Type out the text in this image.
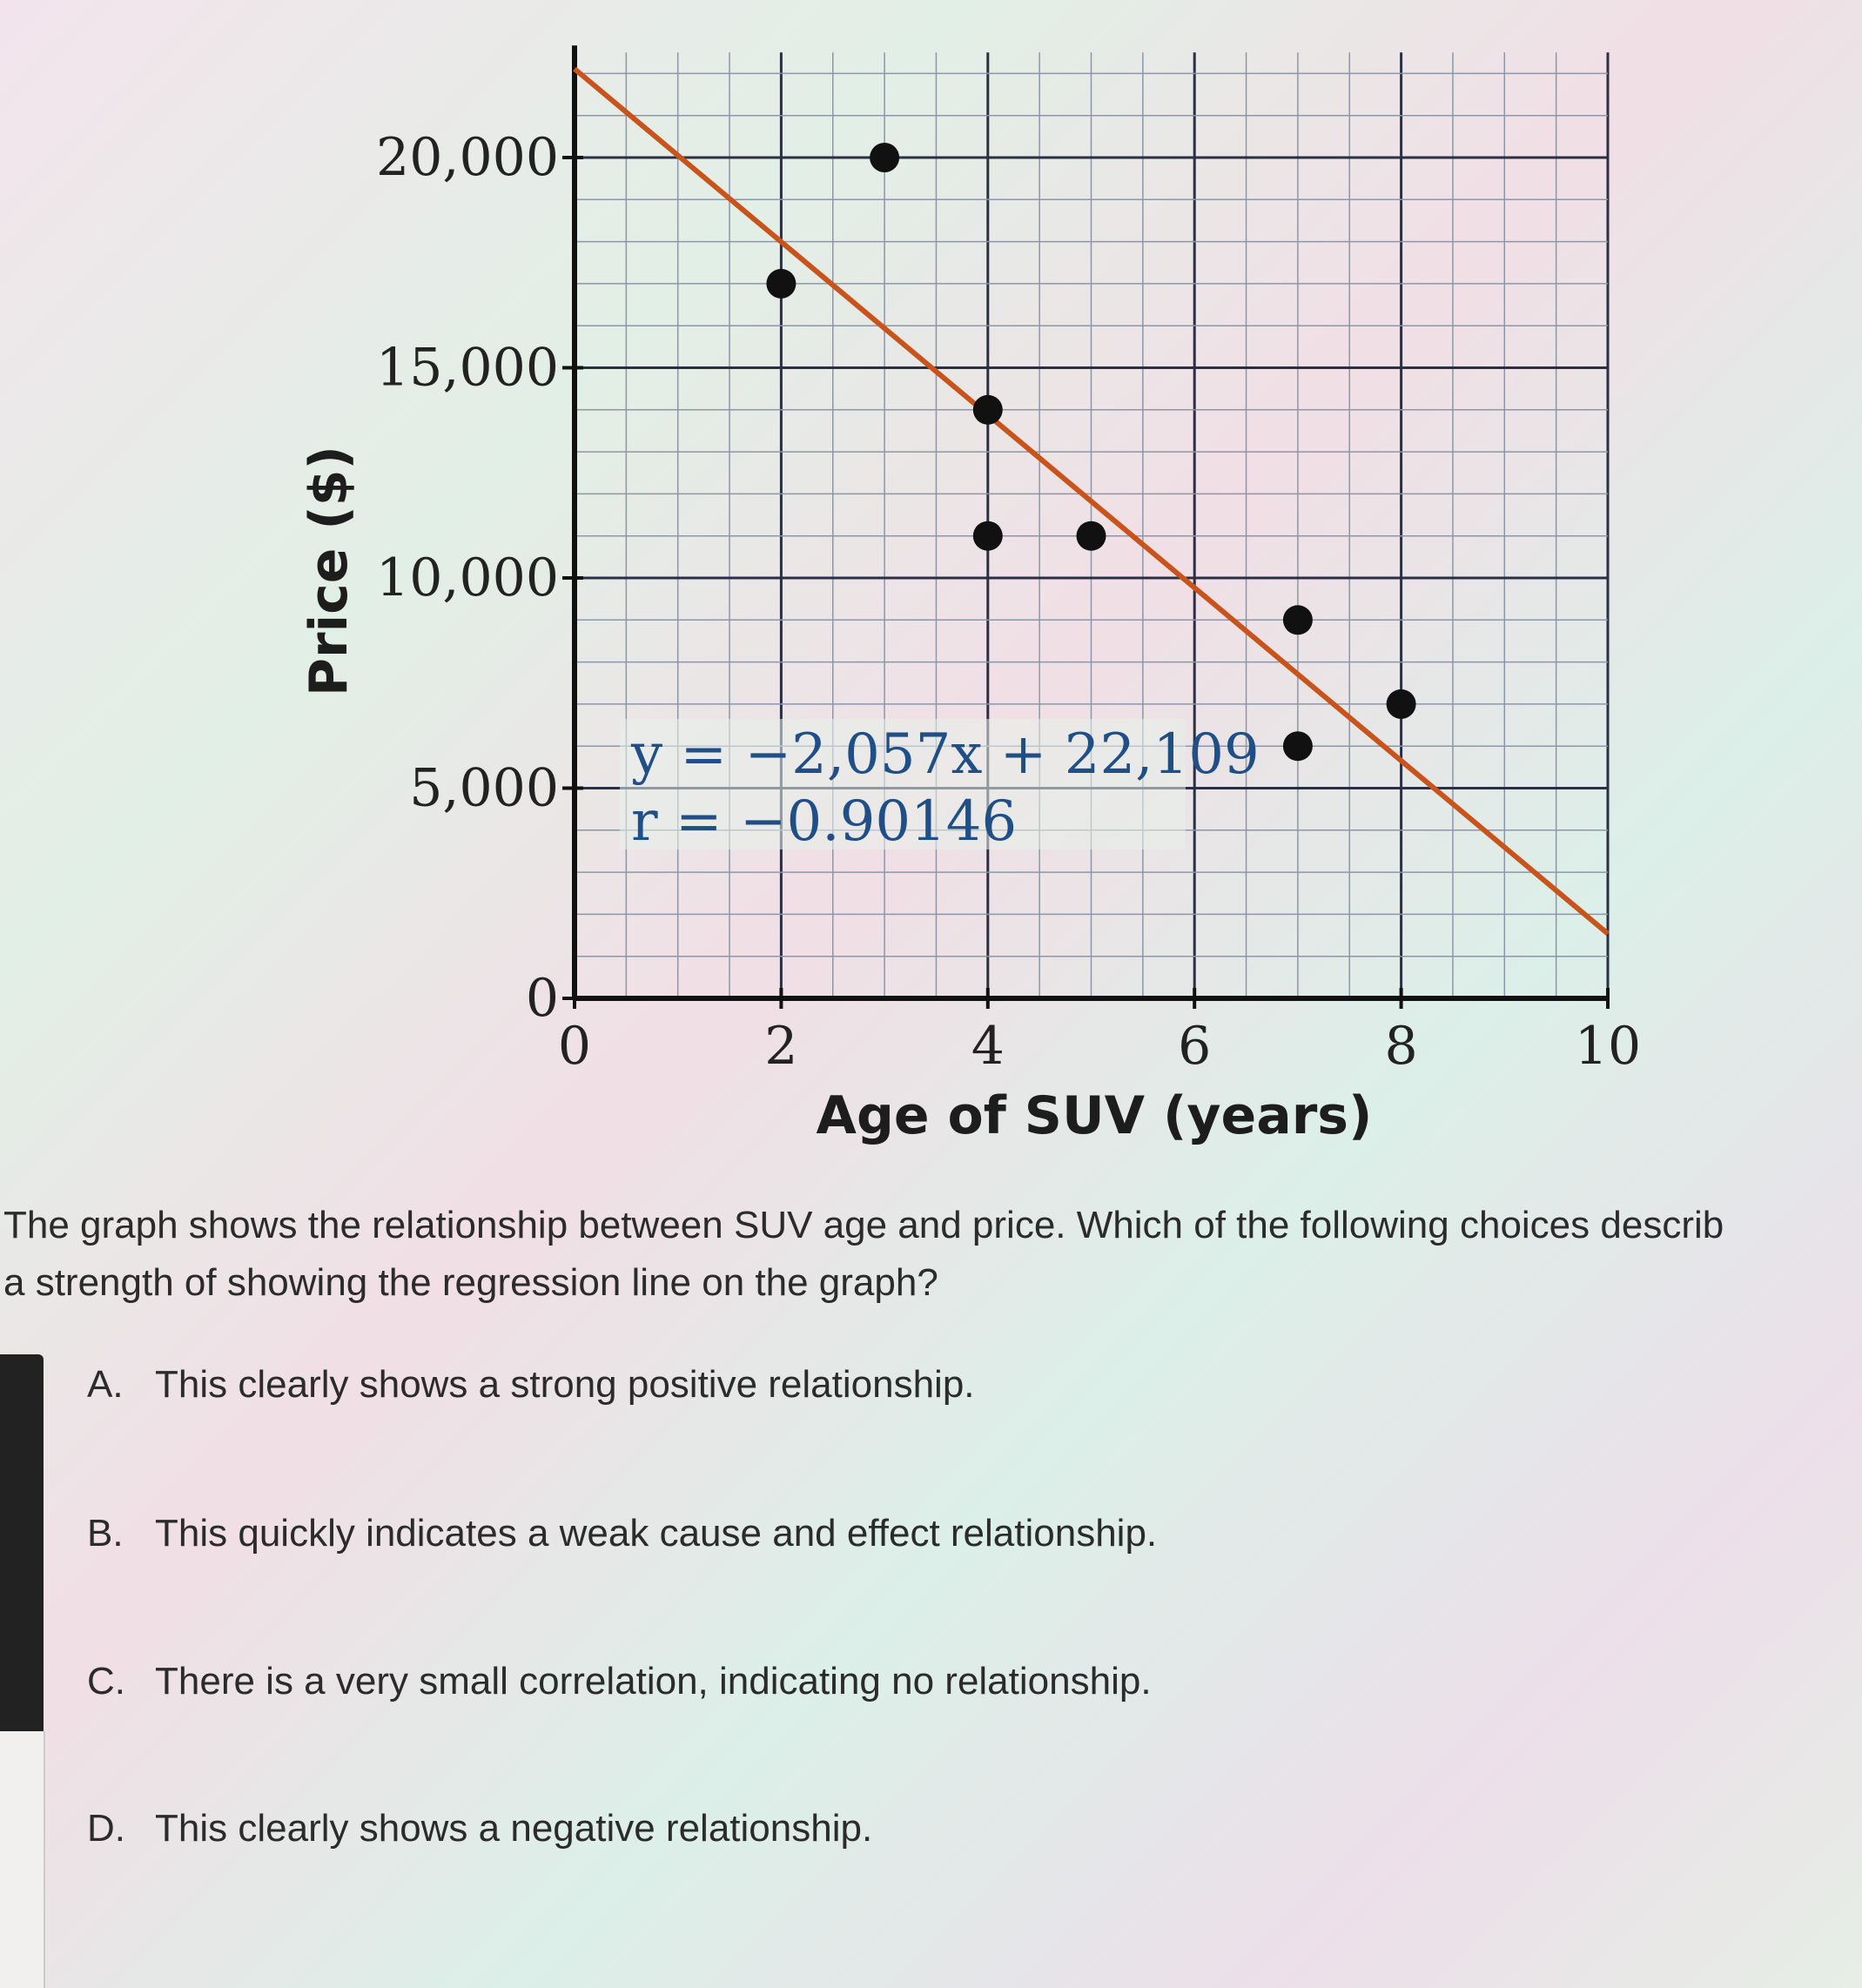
0	2	4	6	8	10
0
5,000
10,000
15,000
20,000
y = −2,057x + 22,109
r = −0.90146
Age of SUV (years)
Price ($)
The graph shows the relationship between SUV age and price. Which of the following choices describ
a strength of showing the regression line on the graph?
A. This clearly shows a strong positive relationship.
B. This quickly indicates a weak cause and effect relationship.
C. There is a very small correlation, indicating no relationship.
D. This clearly shows a negative relationship.
